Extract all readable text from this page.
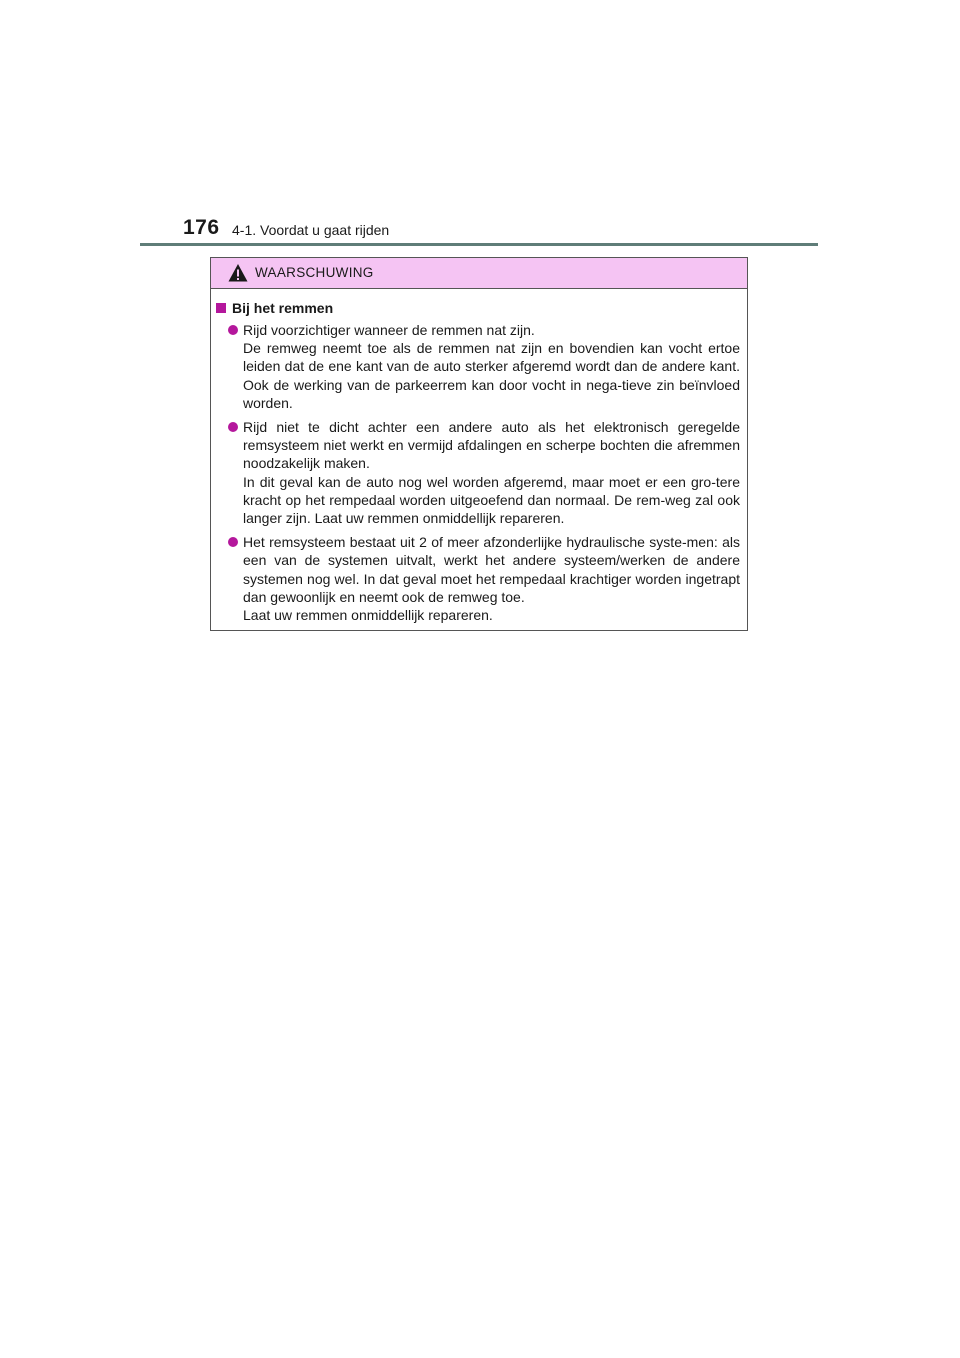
176 4-1. Voordat u gaat rijden
WAARSCHUWING
Bij het remmen

Rijd voorzichtiger wanneer de remmen nat zijn.

De remweg neemt toe als de remmen nat zijn en bovendien kan vocht ertoe leiden dat de ene kant van de auto sterker afgeremd wordt dan de andere kant. Ook de werking van de parkeerrem kan door vocht in nega-tieve zin beïnvloed worden.

Rijd niet te dicht achter een andere auto als het elektronisch geregelde remsysteem niet werkt en vermijd afdalingen en scherpe bochten die afremmen noodzakelijk maken.

In dit geval kan de auto nog wel worden afgeremd, maar moet er een gro-tere kracht op het rempedaal worden uitgeoefend dan normaal. De rem-weg zal ook langer zijn. Laat uw remmen onmiddellijk repareren.

Het remsysteem bestaat uit 2 of meer afzonderlijke hydraulische syste-men: als een van de systemen uitvalt, werkt het andere systeem/werken de andere systemen nog wel. In dat geval moet het rempedaal krachtiger worden ingetrapt dan gewoonlijk en neemt ook de remweg toe.

Laat uw remmen onmiddellijk repareren.
